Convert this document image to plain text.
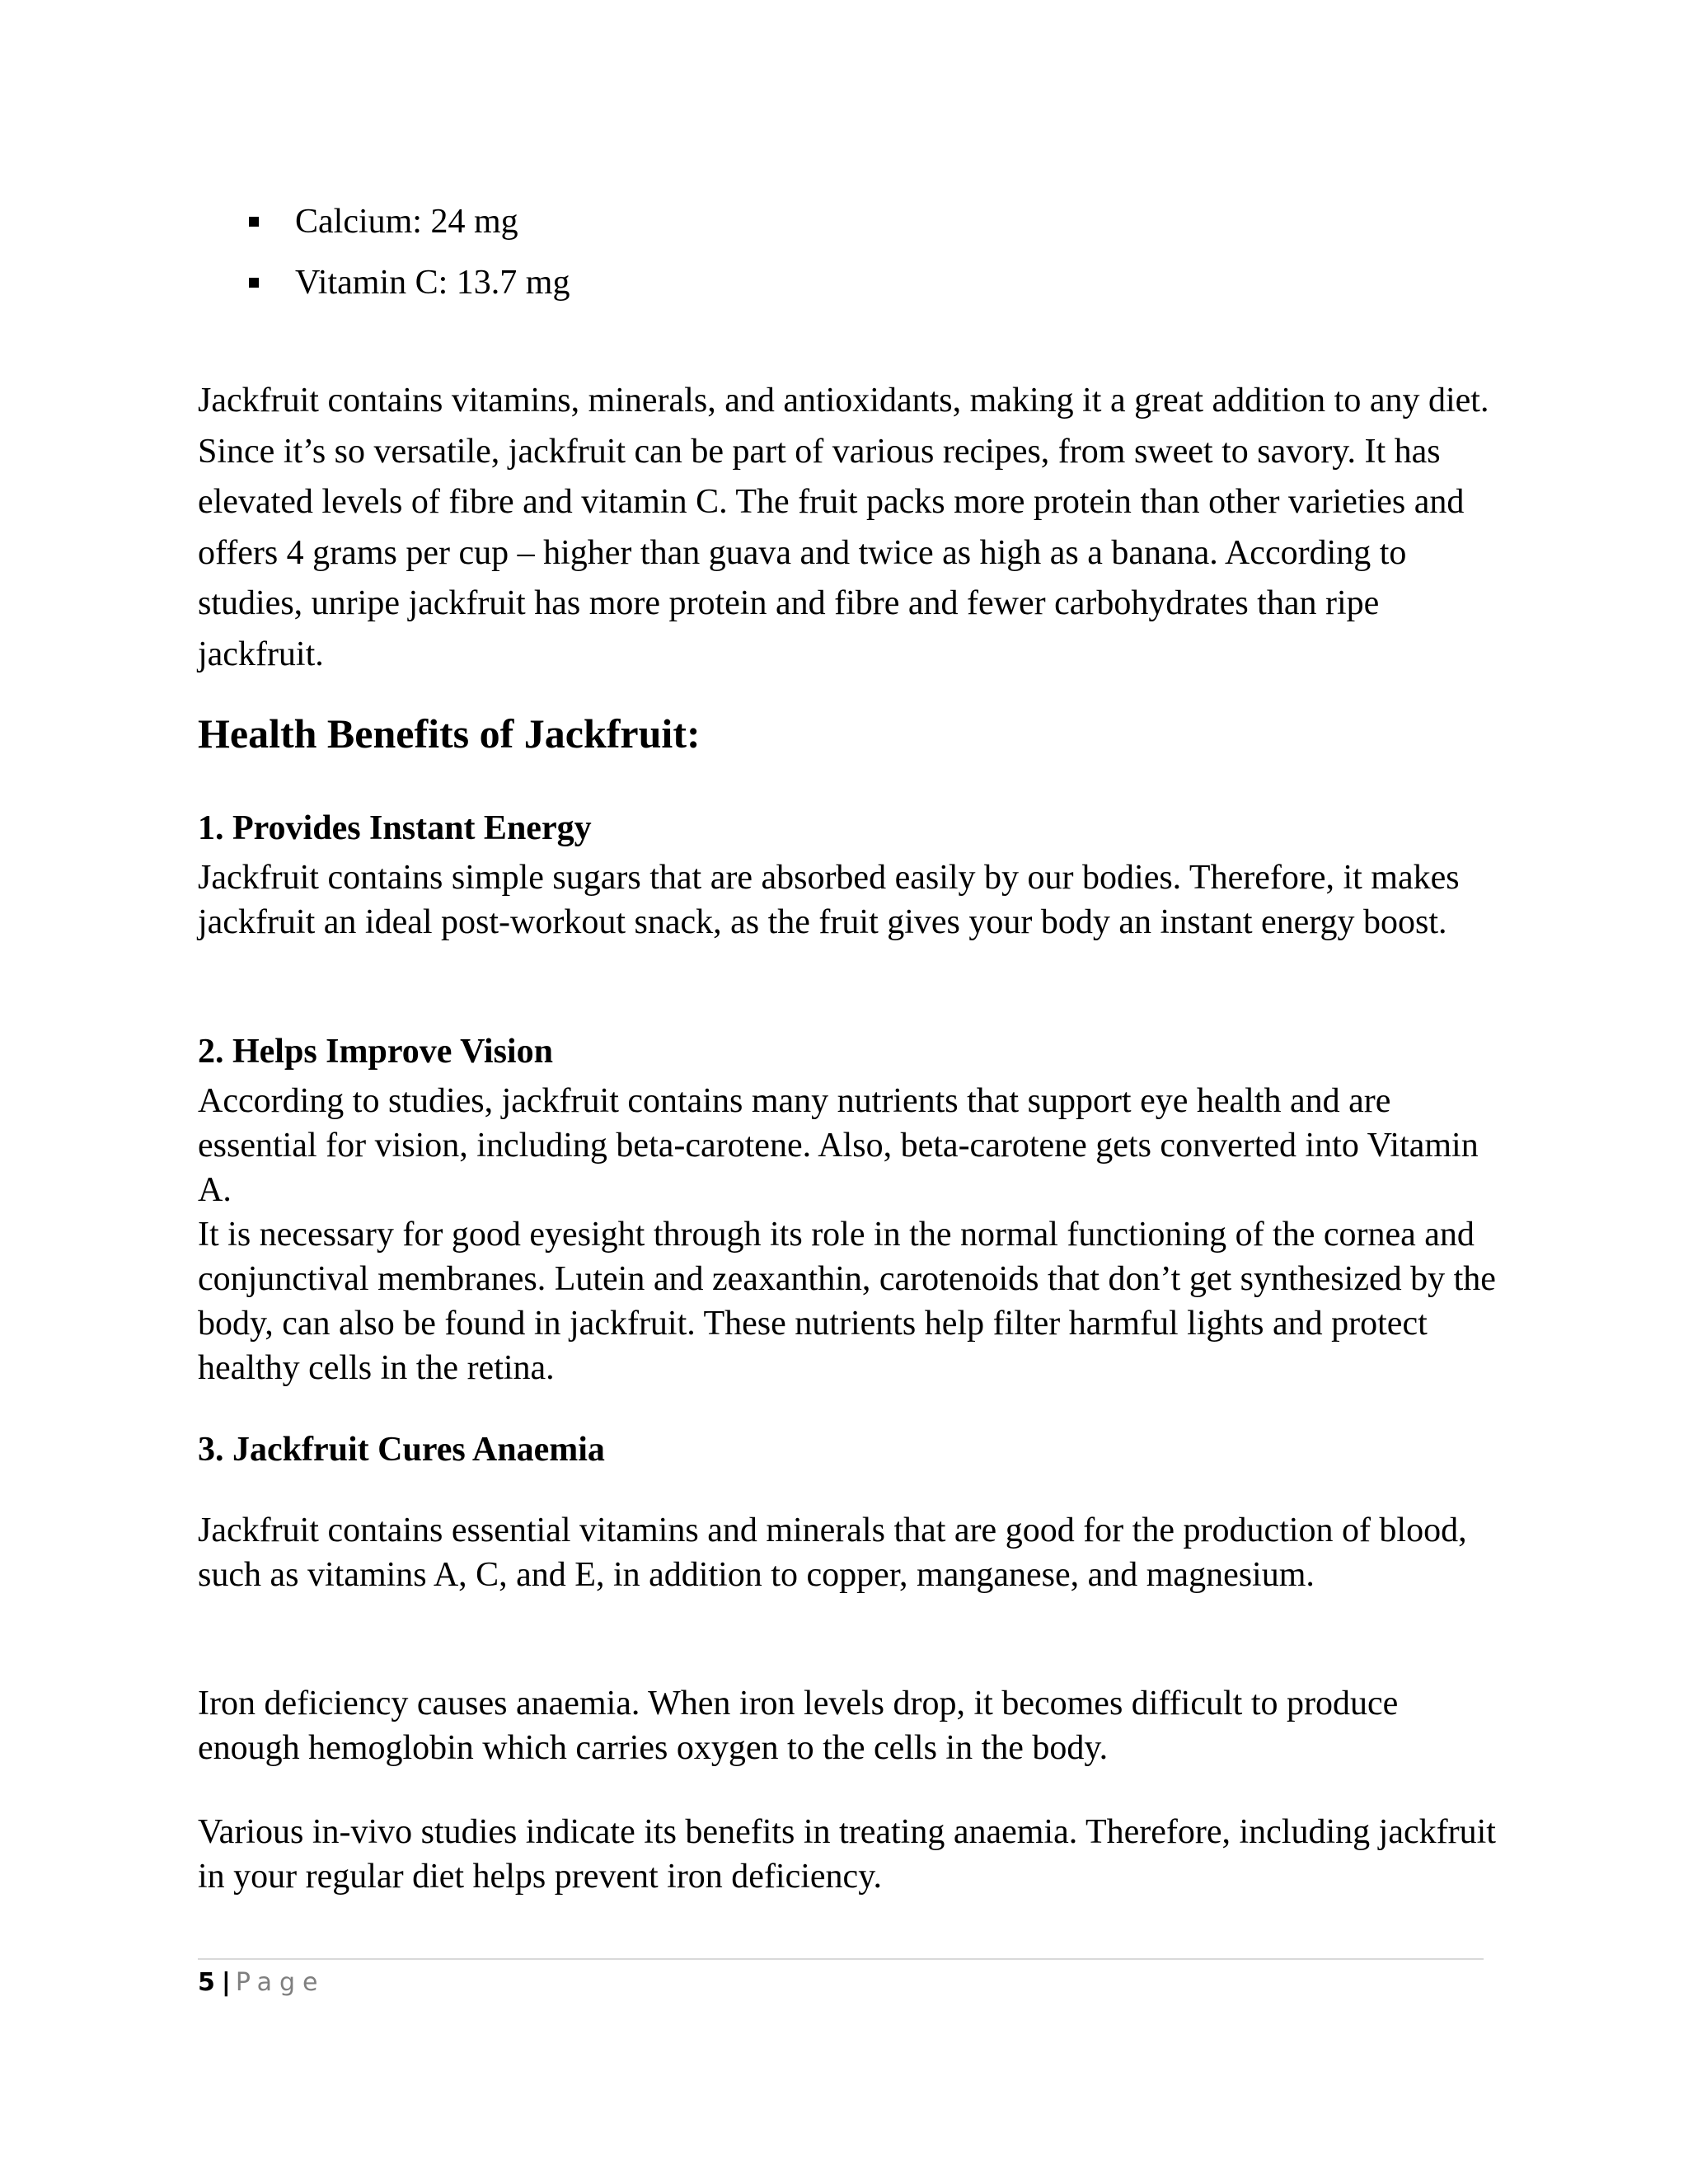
Calcium: 24 mg
Vitamin C: 13.7 mg

Jackfruit contains vitamins, minerals, and antioxidants, making it a great addition to any diet. Since it’s so versatile, jackfruit can be part of various recipes, from sweet to savory. It has elevated levels of fibre and vitamin C. The fruit packs more protein than other varieties and offers 4 grams per cup – higher than guava and twice as high as a banana. According to studies, unripe jackfruit has more protein and fibre and fewer carbohydrates than ripe jackfruit.

Health Benefits of Jackfruit:
1. Provides Instant Energy

Jackfruit contains simple sugars that are absorbed easily by our bodies. Therefore, it makes jackfruit an ideal post-workout snack, as the fruit gives your body an instant energy boost.

2. Helps Improve Vision

According to studies, jackfruit contains many nutrients that support eye health and are essential for vision, including beta-carotene. Also, beta-carotene gets converted into Vitamin A.

It is necessary for good eyesight through its role in the normal functioning of the cornea and conjunctival membranes. Lutein and zeaxanthin, carotenoids that don’t get synthesized by the body, can also be found in jackfruit. These nutrients help filter harmful lights and protect healthy cells in the retina.

3. Jackfruit Cures Anaemia

Jackfruit contains essential vitamins and minerals that are good for the production of blood, such as vitamins A, C, and E, in addition to copper, manganese, and magnesium.

Iron deficiency causes anaemia. When iron levels drop, it becomes difficult to produce enough hemoglobin which carries oxygen to the cells in the body.

Various in-vivo studies indicate its benefits in treating anaemia. Therefore, including jackfruit in your regular diet helps prevent iron deficiency.

5 | Page
